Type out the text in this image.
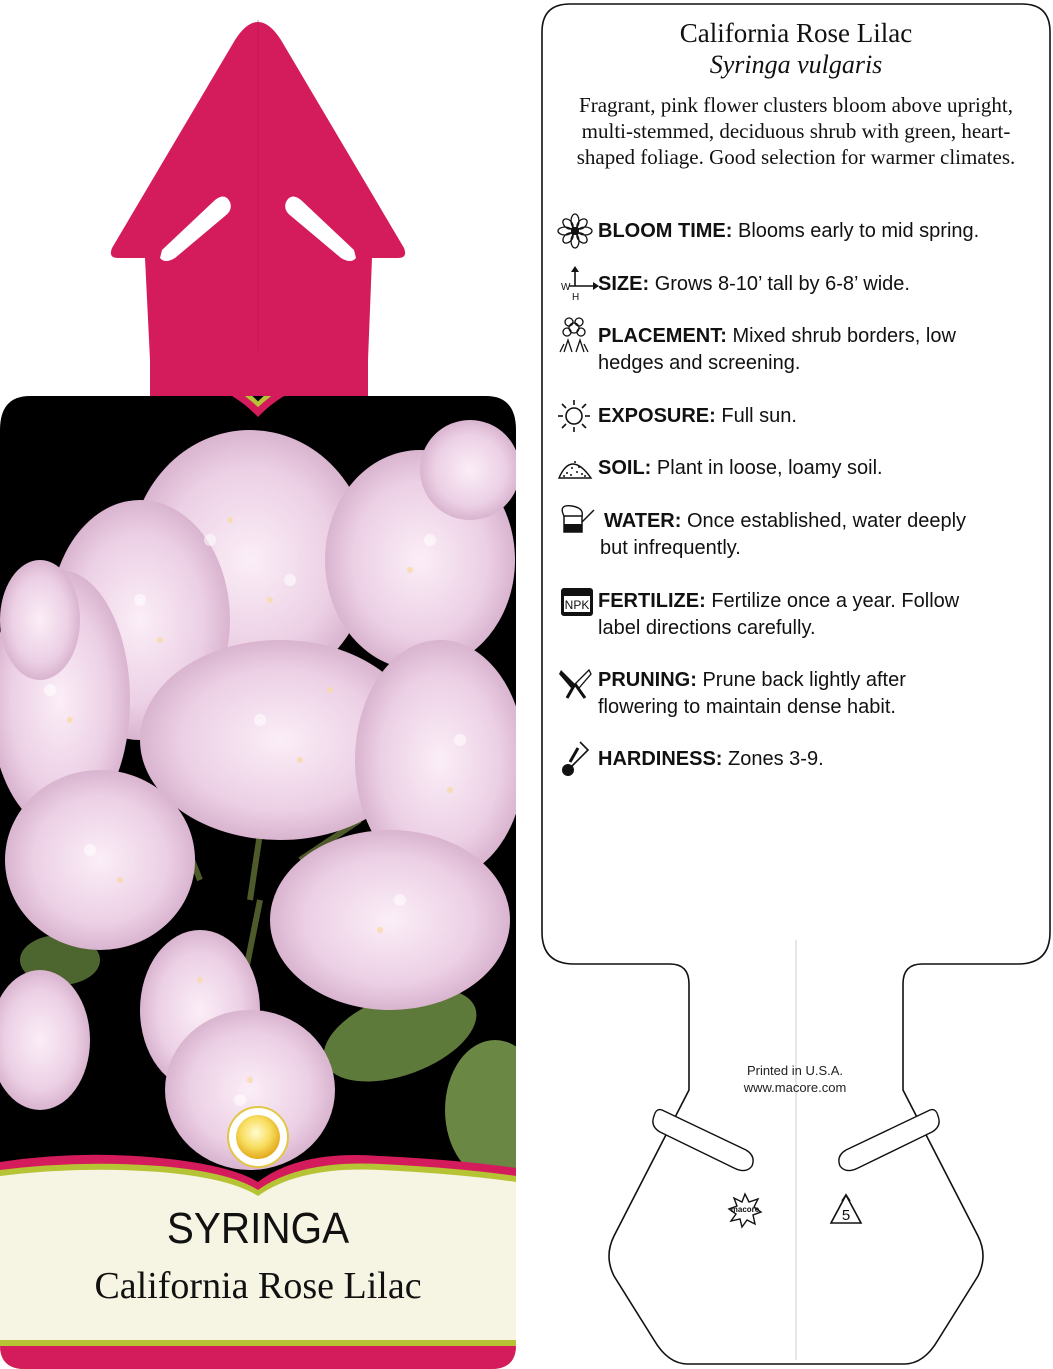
SYRINGA
California Rose Lilac
macore	5
W
H
NPK
California Rose Lilac
Syringa vulgaris
Fragrant, pink flower clusters bloom above upright, multi-stemmed, deciduous shrub with green, heart-shaped foliage. Good selection for warmer climates.
BLOOM TIME: Blooms early to mid spring.
SIZE: Grows 8-10’ tall by 6-8’ wide.
PLACEMENT: Mixed shrub borders, low
hedges and screening.
EXPOSURE: Full sun.
SOIL: Plant in loose, loamy soil.
WATER: Once established, water deeply
but infrequently.
FERTILIZE: Fertilize once a year. Follow
label directions carefully.
PRUNING: Prune back lightly after
flowering to maintain dense habit.
HARDINESS: Zones 3-9.
Printed in U.S.A.
www.macore.com
